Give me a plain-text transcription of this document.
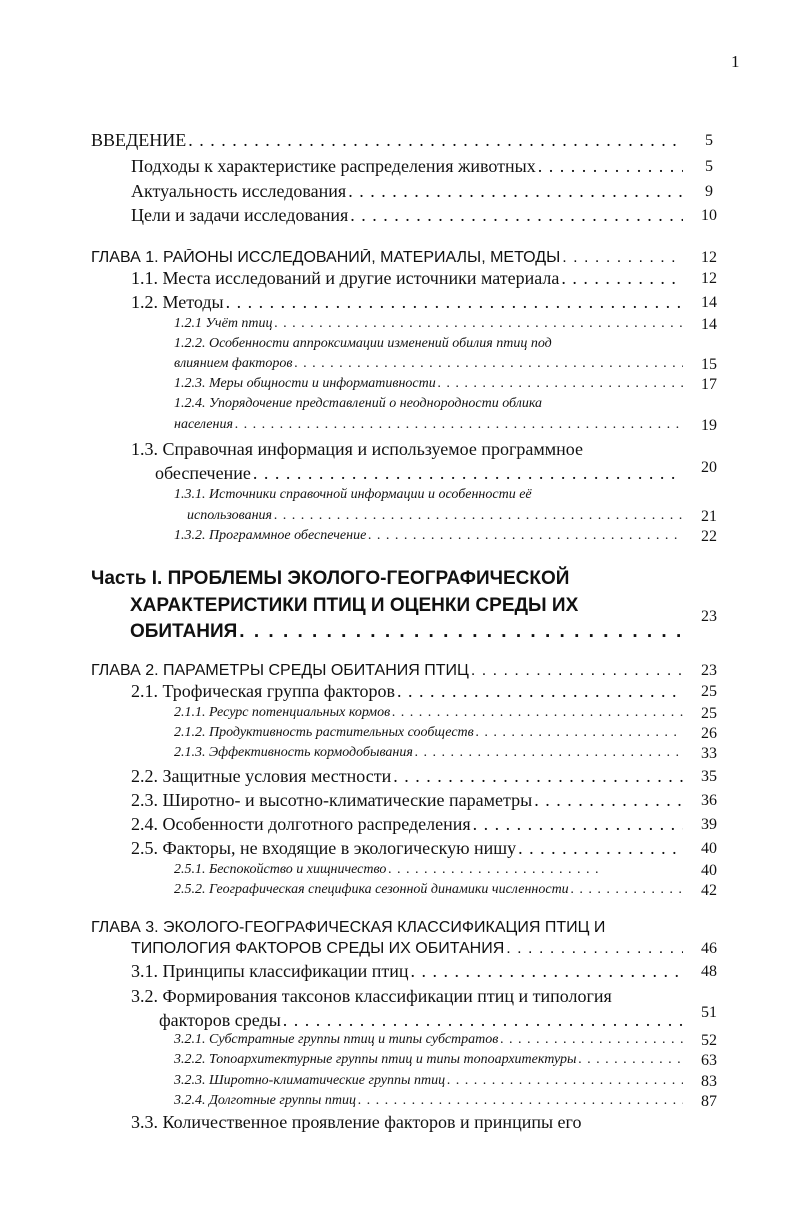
1
ВВЕДЕНИЕ . . .	5
Подходы к характеристике распределения животных . . .	5
Актуальность исследования . . .	9
Цели и задачи исследования . . .	10
ГЛАВА 1. РАЙОНЫ ИССЛЕДОВАНИЙ, МАТЕРИАЛЫ, МЕТОДЫ . . .	12
1.1. Места исследований и другие источники материала . . .	12
1.2. Методы . . .	14
1.2.1 Учёт птиц . . .	14
1.2.2. Особенности аппроксимации изменений обилия птиц под
влиянием факторов . . .	15
1.2.3. Меры общности и информативности . . .	17
1.2.4. Упорядочение представлений о неоднородности облика
населения . . .	19
1.3. Справочная информация и используемое программное
обеспечение . . .	20
1.3.1. Источники справочной информации и особенности её
использования . . .	21
1.3.2. Программное обеспечение . . .	22
Часть I. ПРОБЛЕМЫ ЭКОЛОГО-ГЕОГРАФИЧЕСКОЙ
ХАРАКТЕРИСТИКИ ПТИЦ И ОЦЕНКИ СРЕДЫ ИХ
ОБИТАНИЯ
. . .
23
ГЛАВА 2. ПАРАМЕТРЫ СРЕДЫ ОБИТАНИЯ ПТИЦ . . .	23
2.1. Трофическая группа факторов . . .	25
2.1.1. Ресурс потенциальных кормов . . .	25
2.1.2. Продуктивность растительных сообществ . . .	26
2.1.3. Эффективность кормодобывания . . .	33
2.2. Защитные условия местности . . .	35
2.3. Широтно- и высотно-климатические параметры . . .	36
2.4. Особенности долготного распределения . . .	39
2.5. Факторы, не входящие в экологическую нишу . . .	40
2.5.1. Беспокойство и хищничество . . .	40
2.5.2. Географическая специфика сезонной динамики численности . . .	42
ГЛАВА 3. ЭКОЛОГО-ГЕОГРАФИЧЕСКАЯ КЛАССИФИКАЦИЯ ПТИЦ И
ТИПОЛОГИЯ ФАКТОРОВ СРЕДЫ ИХ ОБИТАНИЯ . . .	46
3.1. Принципы классификации птиц . . .	48
3.2. Формирования таксонов классификации птиц и типология
факторов среды . . .	51
3.2.1. Субстратные группы птиц и типы субстратов . . .	52
3.2.2. Топоархитектурные группы птиц и типы топоархитектуры . . .	63
3.2.3. Широтно-климатические группы птиц . . .	83
3.2.4. Долготные группы птиц . . .	87
3.3. Количественное проявление факторов и принципы его
